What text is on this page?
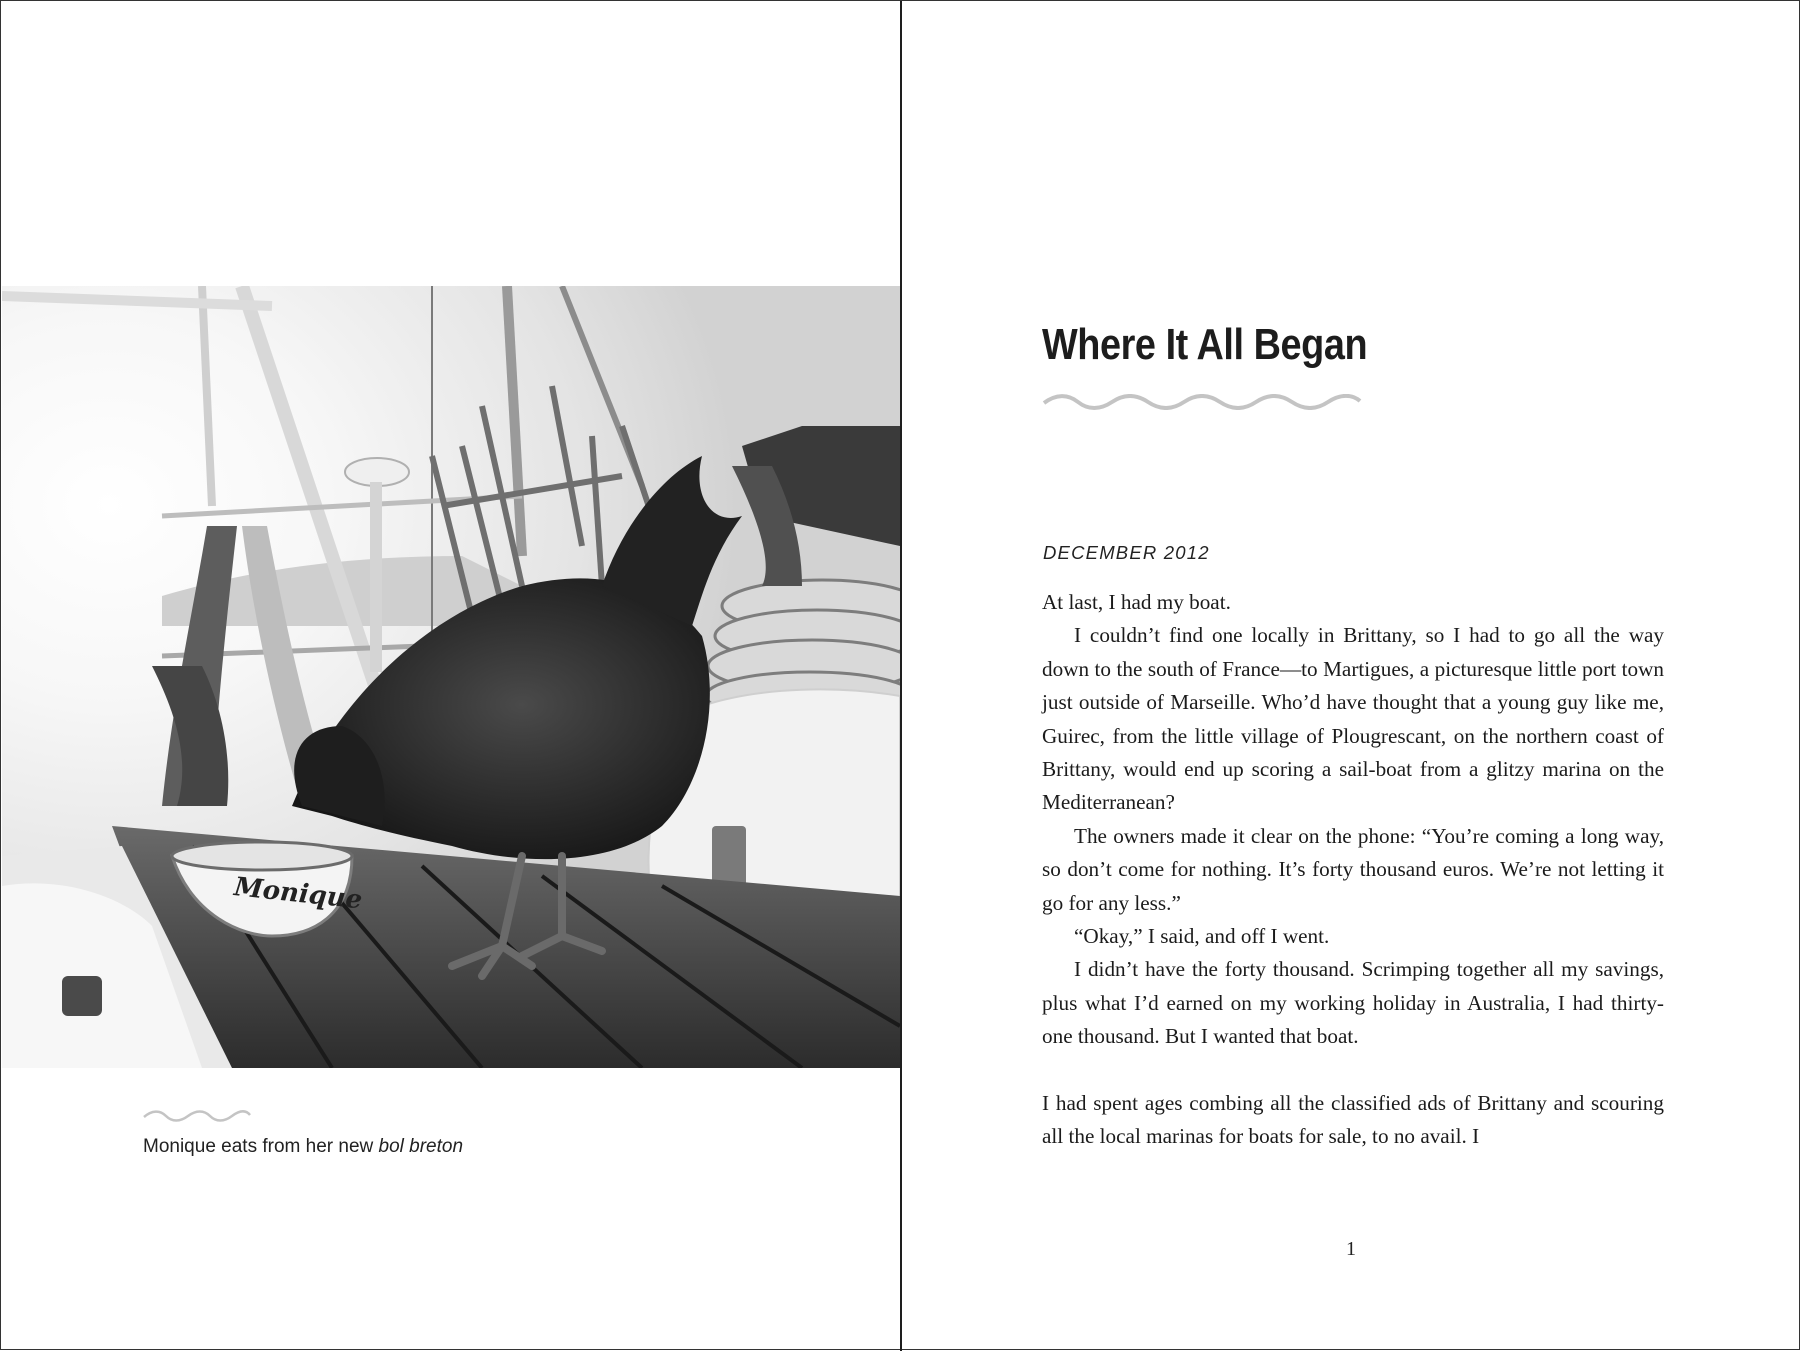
Monique
Monique eats from her new bol breton
Where It All Began
DECEMBER 2012

At last, I had my boat.

I couldn’t find one locally in Brittany, so I had to go all the way down to the south of France—to Martigues, a picturesque little port town just outside of Marseille. Who’d have thought that a young guy like me, Guirec, from the little village of Plougrescant, on the northern coast of Brittany, would end up scoring a sail-boat from a glitzy marina on the Mediterranean?

The owners made it clear on the phone: “You’re coming a long way, so don’t come for nothing. It’s forty thousand euros. We’re not letting it go for any less.”

“Okay,” I said, and off I went.

I didn’t have the forty thousand. Scrimping together all my savings, plus what I’d earned on my working holiday in Australia, I had thirty-one thousand. But I wanted that boat.

I had spent ages combing all the classified ads of Brittany and scouring all the local marinas for boats for sale, to no avail. I

1
